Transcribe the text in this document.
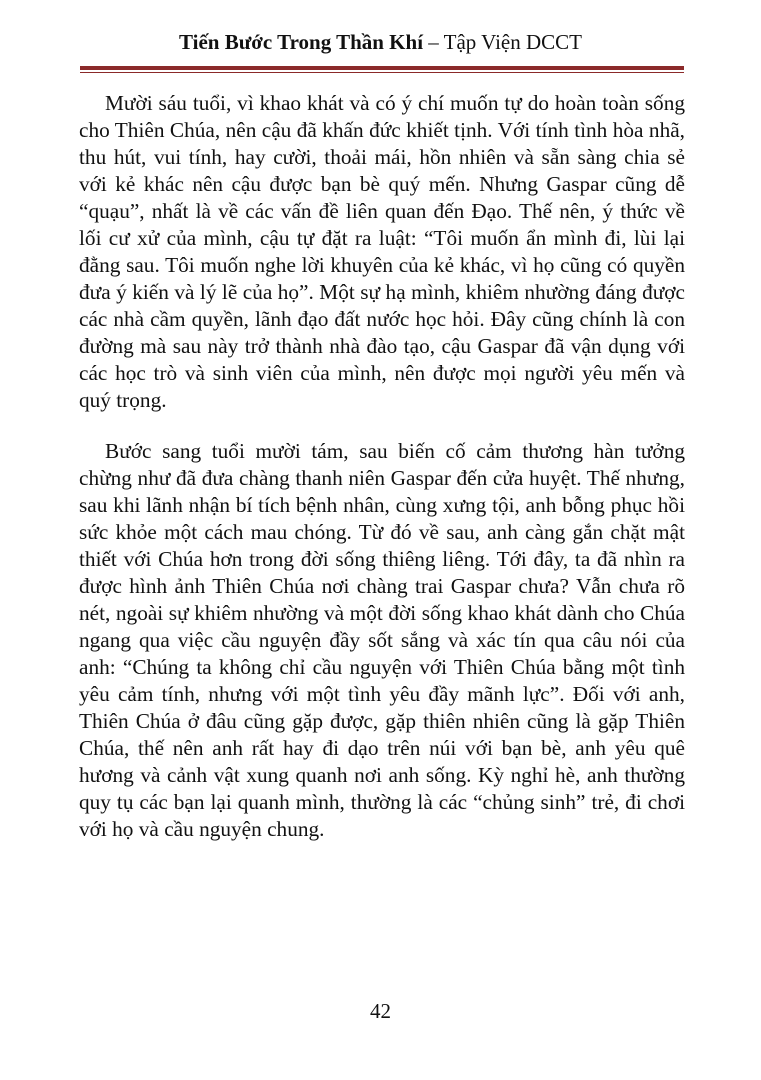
Tiến Bước Trong Thần Khí – Tập Viện DCCT

Mười sáu tuổi, vì khao khát và có ý chí muốn tự do hoàn toàn sống cho Thiên Chúa, nên cậu đã khấn đức khiết tịnh. Với tính tình hòa nhã, thu hút, vui tính, hay cười, thoải mái, hồn nhiên và sẵn sàng chia sẻ với kẻ khác nên cậu được bạn bè quý mến. Nhưng Gaspar cũng dễ “quạu”, nhất là về các vấn đề liên quan đến Đạo. Thế nên, ý thức về lối cư xử của mình, cậu tự đặt ra luật: “Tôi muốn ẩn mình đi, lùi lại đằng sau. Tôi muốn nghe lời khuyên của kẻ khác, vì họ cũng có quyền đưa ý kiến và lý lẽ của họ”. Một sự hạ mình, khiêm nhường đáng được các nhà cầm quyền, lãnh đạo đất nước học hỏi. Đây cũng chính là con đường mà sau này trở thành nhà đào tạo, cậu Gaspar đã vận dụng với các học trò và sinh viên của mình, nên được mọi người yêu mến và quý trọng.

Bước sang tuổi mười tám, sau biến cố cảm thương hàn tưởng chừng như đã đưa chàng thanh niên Gaspar đến cửa huyệt. Thế nhưng, sau khi lãnh nhận bí tích bệnh nhân, cùng xưng tội, anh bỗng phục hồi sức khỏe một cách mau chóng. Từ đó về sau, anh càng gắn chặt mật thiết với Chúa hơn trong đời sống thiêng liêng. Tới đây, ta đã nhìn ra được hình ảnh Thiên Chúa nơi chàng trai Gaspar chưa? Vẫn chưa rõ nét, ngoài sự khiêm nhường và một đời sống khao khát dành cho Chúa ngang qua việc cầu nguyện đầy sốt sắng và xác tín qua câu nói của anh: “Chúng ta không chỉ cầu nguyện với Thiên Chúa bằng một tình yêu cảm tính, nhưng với một tình yêu đầy mãnh lực”. Đối với anh, Thiên Chúa ở đâu cũng gặp được, gặp thiên nhiên cũng là gặp Thiên Chúa, thế nên anh rất hay đi dạo trên núi với bạn bè, anh yêu quê hương và cảnh vật xung quanh nơi anh sống. Kỳ nghỉ hè, anh thường quy tụ các bạn lại quanh mình, thường là các “chủng sinh” trẻ, đi chơi với họ và cầu nguyện chung.

42
